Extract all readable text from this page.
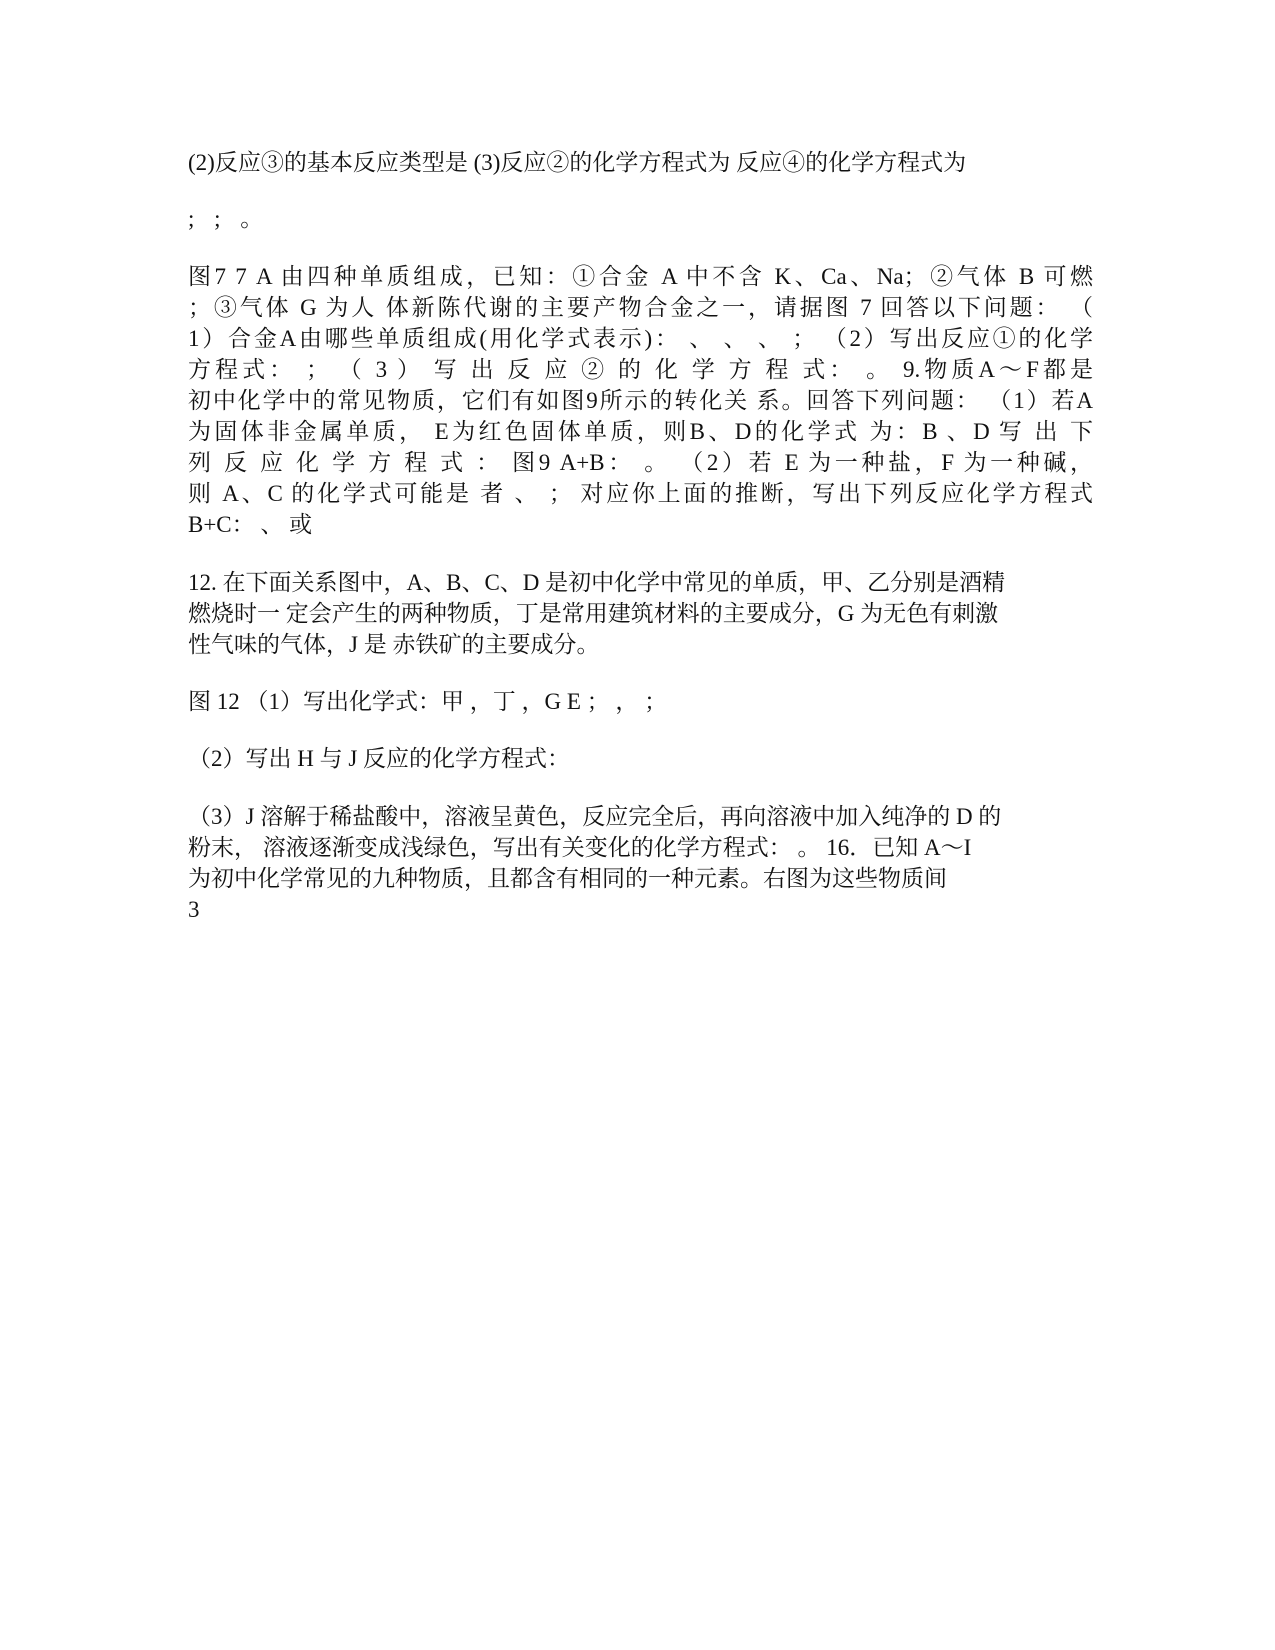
(2)反应③的基本反应类型是 (3)反应②的化学方程式为 反应④的化学方程式为
; ; 。
图7 7 A 由四种单质组成，已知：①合金 A 中不含 K、Ca、Na；②气体 B 可燃
；③气体 G 为人 体新陈代谢的主要产物合金之一，请据图 7 回答以下问题： （
1）合金A由哪些单质组成(用化学式表示)： 、 、 、 ； （2）写出反应①的化学
方程式： ； （ 3 ） 写 出 反 应 ② 的 化 学 方 程 式： 。 9.物质A～F都是
初中化学中的常见物质，它们有如图9所示的转化关 系。回答下列问题： （1）若A
为固体非金属单质， E为红色固体单质，则B、D的化学式 为：B 、D 写 出 下
列 反 应 化 学 方 程 式 ： 图9 A+B： 。 （2）若 E 为一种盐，F 为一种碱，
则 A、C 的化学式可能是 者 、 ； 对应你上面的推断，写出下列反应化学方程式
B+C： 、 或
12. 在下面关系图中，A、B、C、D 是初中化学中常见的单质，甲、乙分别是酒精
燃烧时一 定会产生的两种物质，丁是常用建筑材料的主要成分，G 为无色有刺激
性气味的气体，J 是 赤铁矿的主要成分。
图 12 （1）写出化学式：甲 ，丁 ，G E ； ， ；
（2）写出 H 与 J 反应的化学方程式：
（3）J 溶解于稀盐酸中，溶液呈黄色，反应完全后，再向溶液中加入纯净的 D 的
粉末， 溶液逐渐变成浅绿色，写出有关变化的化学方程式： 。 16．已知 A～I
为初中化学常见的九种物质，且都含有相同的一种元素。右图为这些物质间
3
